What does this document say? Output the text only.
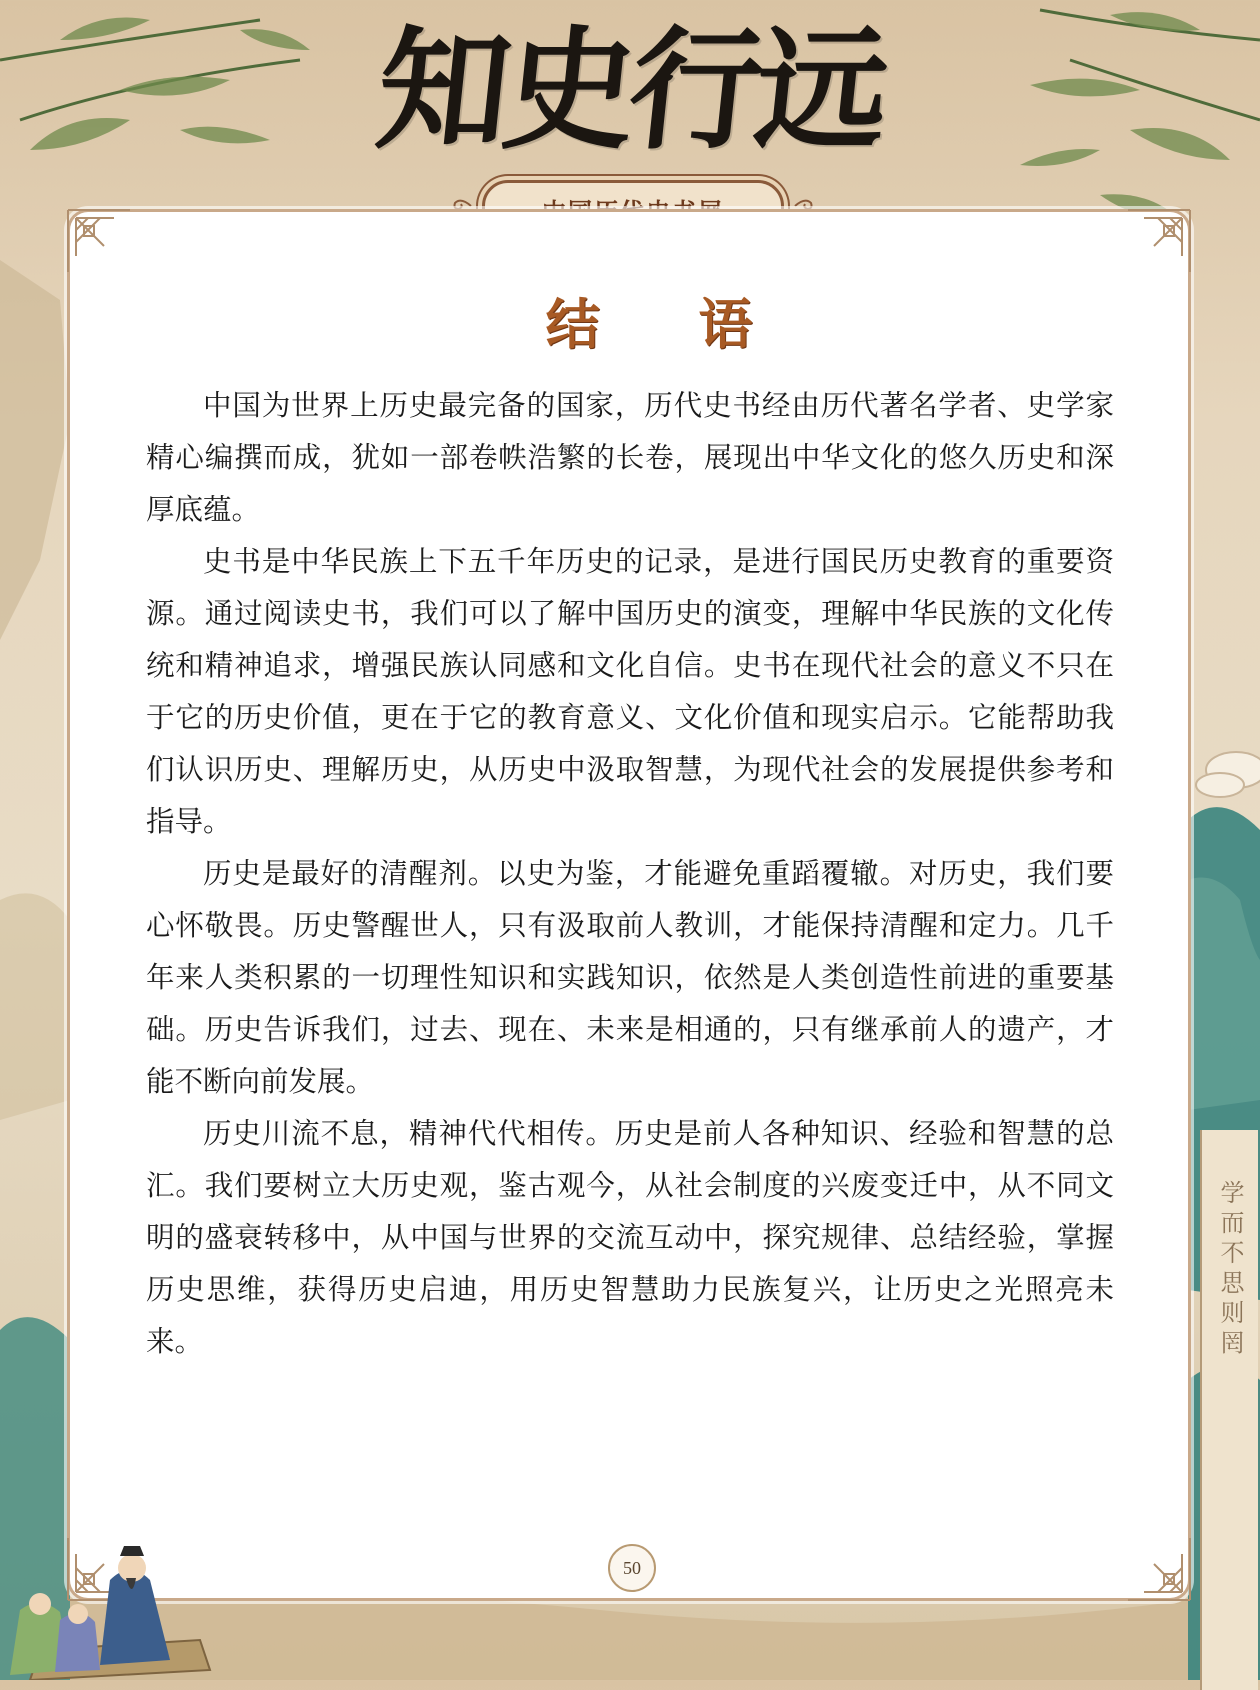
知史行远
结 语

中国为世界上历史最完备的国家，历代史书经由历代著名学者、史学家精心编撰而成，犹如一部卷帙浩繁的长卷，展现出中华文化的悠久历史和深厚底蕴。

史书是中华民族上下五千年历史的记录，是进行国民历史教育的重要资源。通过阅读史书，我们可以了解中国历史的演变，理解中华民族的文化传统和精神追求，增强民族认同感和文化自信。史书在现代社会的意义不只在于它的历史价值，更在于它的教育意义、文化价值和现实启示。它能帮助我们认识历史、理解历史，从历史中汲取智慧，为现代社会的发展提供参考和指导。

历史是最好的清醒剂。以史为鉴，才能避免重蹈覆辙。对历史，我们要心怀敬畏。历史警醒世人，只有汲取前人教训，才能保持清醒和定力。几千年来人类积累的一切理性知识和实践知识，依然是人类创造性前进的重要基础。历史告诉我们，过去、现在、未来是相通的，只有继承前人的遗产，才能不断向前发展。

历史川流不息，精神代代相传。历史是前人各种知识、经验和智慧的总汇。我们要树立大历史观，鉴古观今，从社会制度的兴废变迁中，从不同文明的盛衰转移中，从中国与世界的交流互动中，探究规律、总结经验，掌握历史思维，获得历史启迪，用历史智慧助力民族复兴，让历史之光照亮未来。

50
学而不思则罔
